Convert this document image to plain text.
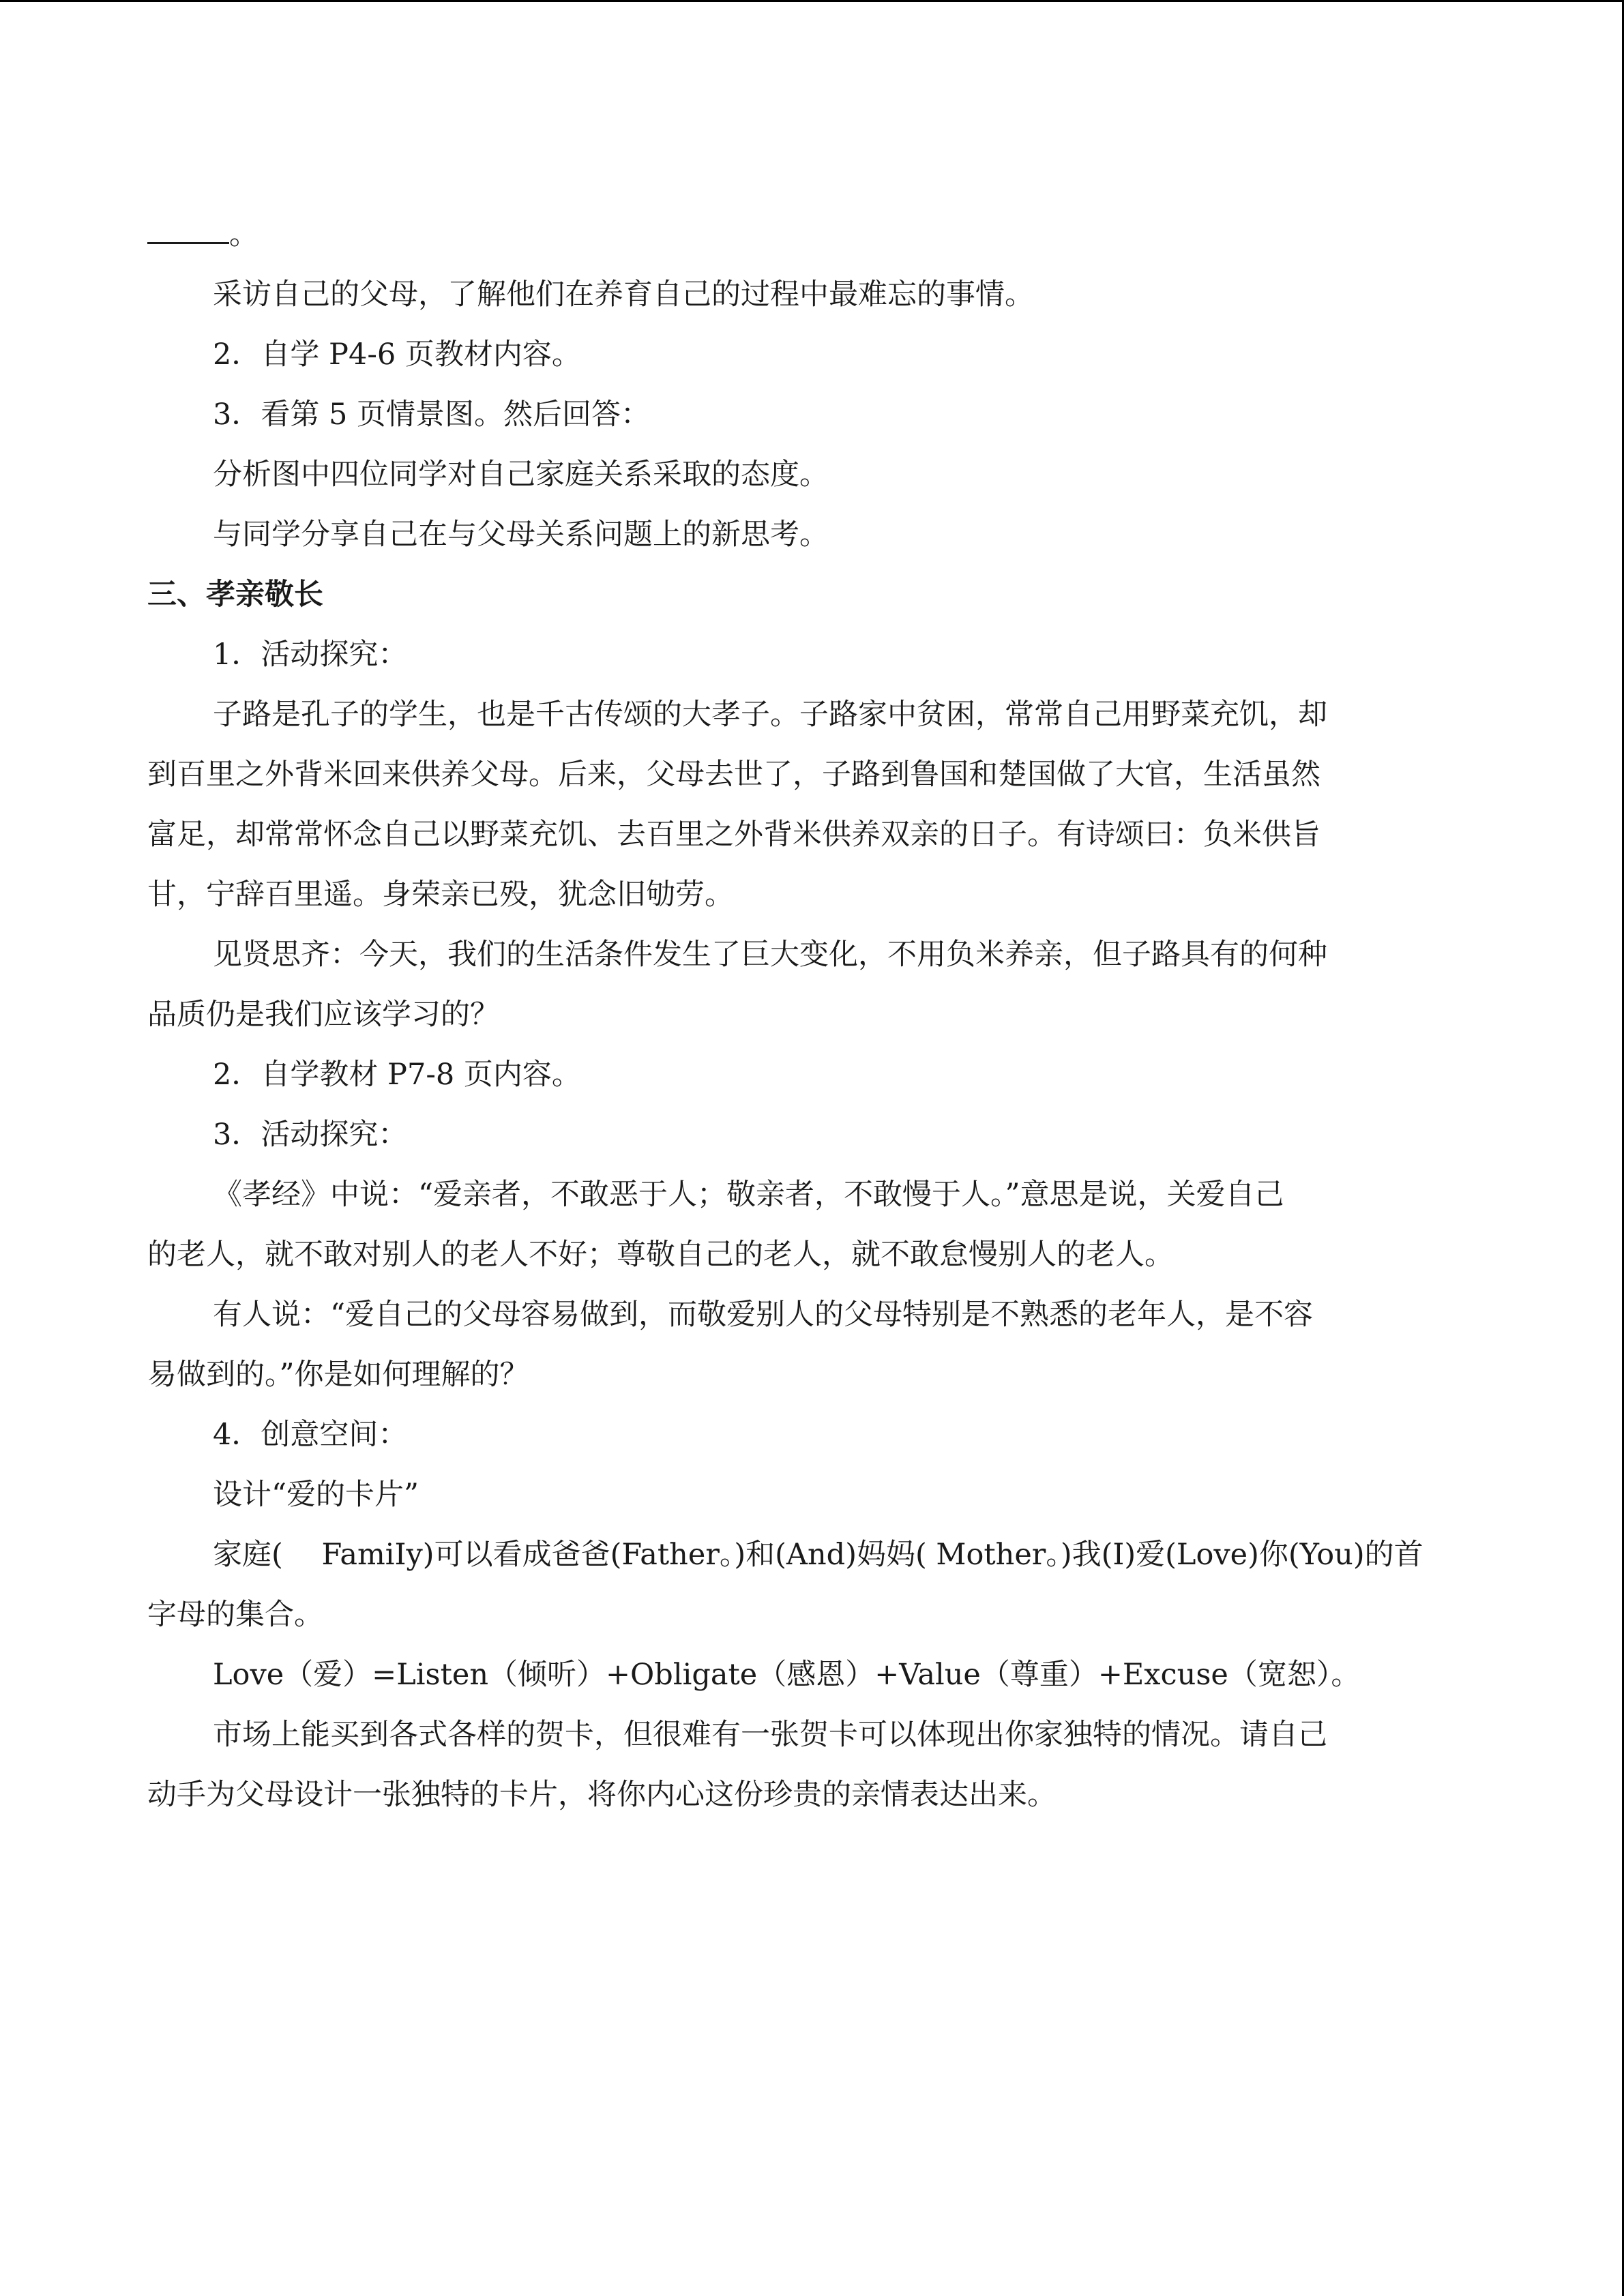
。

采访自己的父母，了解他们在养育自己的过程中最难忘的事情。

2．自学 P4-6 页教材内容。

3．看第 5 页情景图。然后回答：

分析图中四位同学对自己家庭关系采取的态度。

与同学分享自己在与父母关系问题上的新思考。

三、孝亲敬长

1．活动探究：

子路是孔子的学生，也是千古传颂的大孝子。子路家中贫困，常常自己用野菜充饥，却

到百里之外背米回来供养父母。后来，父母去世了，子路到鲁国和楚国做了大官，生活虽然

富足，却常常怀念自己以野菜充饥、去百里之外背米供养双亲的日子。有诗颂曰：负米供旨

甘，宁辞百里遥。身荣亲已殁，犹念旧劬劳。

见贤思齐：今天，我们的生活条件发生了巨大变化，不用负米养亲，但子路具有的何种

品质仍是我们应该学习的？

2．自学教材 P7-8 页内容。

3．活动探究：

《孝经》中说：“爱亲者，不敢恶于人；敬亲者，不敢慢于人。”意思是说，关爱自己

的老人，就不敢对别人的老人不好；尊敬自己的老人，就不敢怠慢别人的老人。

有人说：“爱自己的父母容易做到，而敬爱别人的父母特别是不熟悉的老年人，是不容

易做到的。”你是如何理解的？

4．创意空间：

设计“爱的卡片”

家庭(　 FamiIy)可以看成爸爸(Father。)和(And)妈妈( Mother。)我(I)爱(Love)你(You)的首

字母的集合。

Love（爱）=Listen（倾听）+Obligate（感恩）+Value（尊重）+Excuse（宽恕）。

市场上能买到各式各样的贺卡，但很难有一张贺卡可以体现出你家独特的情况。请自己

动手为父母设计一张独特的卡片，将你内心这份珍贵的亲情表达出来。
